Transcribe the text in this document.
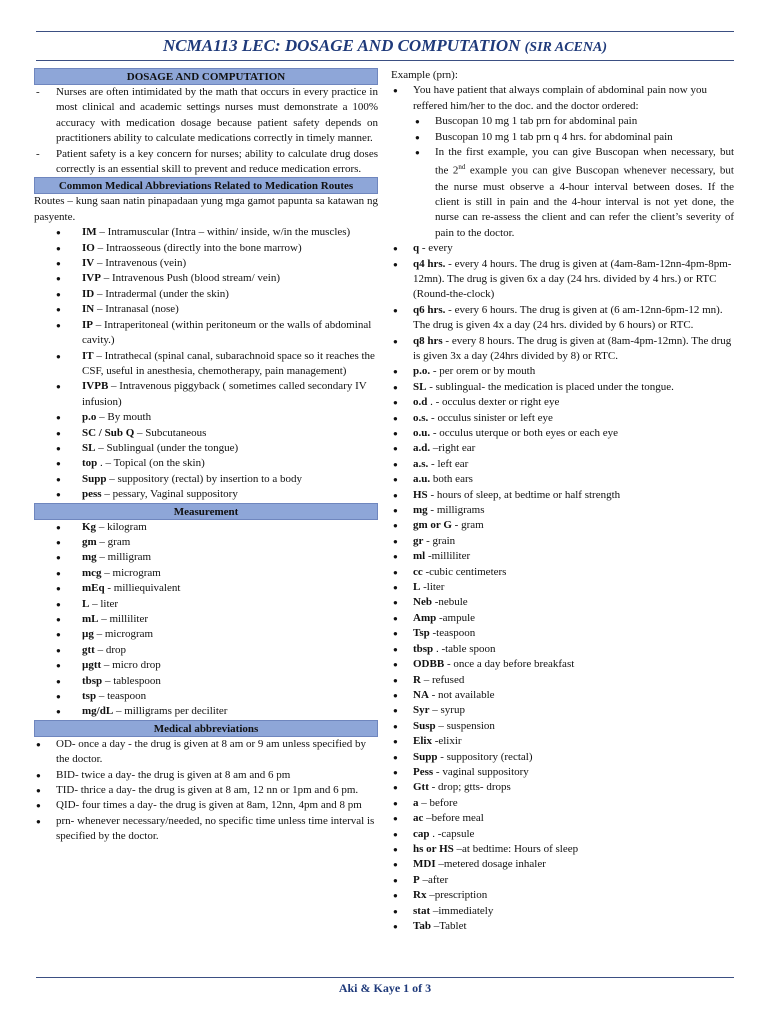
NCMA113 LEC: DOSAGE AND COMPUTATION (SIR ACENA)
DOSAGE AND COMPUTATION
- Nurses are often intimidated by the math that occurs in every practice in most clinical and academic settings nurses must demonstrate a 100% accuracy with medication dosage because patient safety depends on practitioners ability to calculate medications correctly in timely manner.
- Patient safety is a key concern for nurses; ability to calculate drug doses correctly is an essential skill to prevent and reduce medication errors.
Common Medical Abbreviations Related to Medication Routes
Routes – kung saan natin pinapadaan yung mga gamot papunta sa katawan ng pasyente.
● IM – Intramuscular (Intra – within/ inside, w/in the muscles)
● IO – Intraosseous (directly into the bone marrow)
● IV – Intravenous (vein)
● IVP – Intravenous Push (blood stream/ vein)
● ID – Intradermal (under the skin)
● IN – Intranasal (nose)
● IP – Intraperitoneal (within peritoneum or the walls of abdominal cavity.)
● IT – Intrathecal (spinal canal, subarachnoid space so it reaches the CSF, useful in anesthesia, chemotherapy, pain management)
● IVPB – Intravenous piggyback ( sometimes called secondary IV infusion)
● p.o – By mouth
● SC / Sub Q – Subcutaneous
● SL – Sublingual (under the tongue)
● top . – Topical (on the skin)
● Supp – suppository (rectal) by insertion to a body
● pess – pessary, Vaginal suppository
Measurement
● Kg – kilogram
● gm – gram
● mg – milligram
● mcg – microgram
● mEq - milliequivalent
● L – liter
● mL – milliliter
● µg – microgram
● gtt – drop
● µgtt – micro drop
● tbsp – tablespoon
● tsp – teaspoon
● mg/dL – milligrams per deciliter
Medical abbreviations
● OD- once a day - the drug is given at 8 am or 9 am unless specified by the doctor.
● BID- twice a day- the drug is given at 8 am and 6 pm
● TID- thrice a day- the drug is given at 8 am, 12 nn or 1pm and 6 pm.
● QID- four times a day- the drug is given at 8am, 12nn, 4pm and 8 pm
● prn- whenever necessary/needed, no specific time unless time interval is specified by the doctor.
Example (prn):
● You have patient that always complain of abdominal pain now you reffered him/her to the doc. and the doctor ordered:
● Buscopan 10 mg 1 tab prn for abdominal pain
● Buscopan 10 mg 1 tab prn q 4 hrs. for abdominal pain
● In the first example, you can give Buscopan when necessary, but the 2nd example you can give Buscopan whenever necessary, but the nurse must observe a 4-hour interval between doses. If the client is still in pain and the 4-hour interval is not yet done, the nurse can re-assess the client and can refer the client’s severity of pain to the doctor.
● q - every
● q4 hrs. - every 4 hours. The drug is given at (4am-8am-12nn-4pm-8pm-12mn). The drug is given 6x a day (24 hrs. divided by 4 hrs.) or RTC (Round-the-clock)
● q6 hrs. - every 6 hours. The drug is given at (6 am-12nn-6pm-12 mn). The drug is given 4x a day (24 hrs. divided by 6 hours) or RTC.
● q8 hrs - every 8 hours. The drug is given at (8am-4pm-12mn). The drug is given 3x a day (24hrs divided by 8) or RTC.
● p.o. - per orem or by mouth
● SL - sublingual- the medication is placed under the tongue.
● o.d . - occulus dexter or right eye
● o.s. - occulus sinister or left eye
● o.u. - occulus uterque or both eyes or each eye
● a.d. –right ear
● a.s. - left ear
● a.u. both ears
● HS - hours of sleep, at bedtime or half strength
● mg - milligrams
● gm or G - gram
● gr - grain
● ml -milliliter
● cc -cubic centimeters
● L -liter
● Neb -nebule
● Amp -ampule
● Tsp -teaspoon
● tbsp . -table spoon
● ODBB - once a day before breakfast
● R – refused
● NA - not available
● Syr – syrup
● Susp – suspension
● Elix -elixir
● Supp - suppository (rectal)
● Pess - vaginal suppository
● Gtt - drop; gtts- drops
● a – before
● ac –before meal
● cap . -capsule
● hs or HS –at bedtime: Hours of sleep
● MDI –metered dosage inhaler
● P –after
● Rx –prescription
● stat –immediately
● Tab –Tablet
Aki & Kaye 1 of 3
